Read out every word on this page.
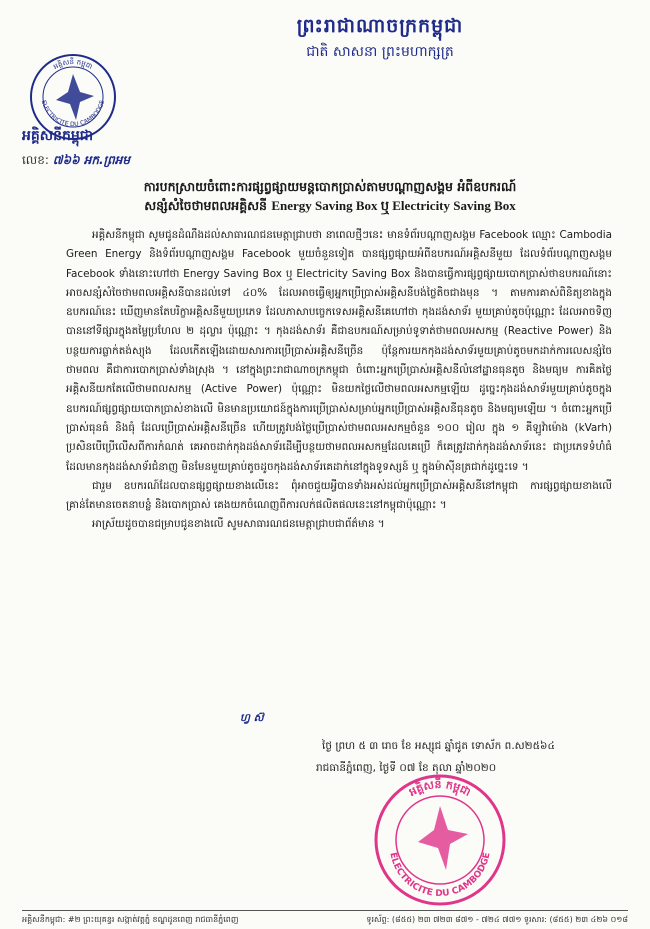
ព្រះរាជាណាចក្រកម្ពុជា
ជាតិ សាសនា ព្រះមហាក្សត្រ
អគ្គិសនី កម្ពុជា
ELECTRICITE DU CAMBODGE
អគ្គិសនីកម្ពុជា
លេខ: ៧៦៦ អក.ព្រអម
ការបកស្រាយចំពោះការផ្សព្វផ្សាយមន្តបោកប្រាស់តាមបណ្តាញសង្គម អំពីឧបករណ៍
សន្សំសំចៃថាមពលអគ្គិសនី Energy Saving Box ឬ Electricity Saving Box

អគ្គិសនីកម្ពុជា សូមជូនដំណឹងដល់សាធារណជនមេត្តាជ្រាបថា នាពេលថ្មីៗនេះ មានទំព័របណ្តាញសង្គម Facebook ឈ្មោះ Cambodia Green Energy និងទំព័របណ្តាញសង្គម Facebook មួយចំនួនទៀត បានផ្សព្វផ្សាយអំពីឧបករណ៍អគ្គិសនីមួយ ដែលទំព័របណ្តាញសង្គម Facebook ទាំងនោះហៅថា Energy Saving Box ឬ Electricity Saving Box និងបានធ្វើការផ្សព្វផ្សាយបោកប្រាស់ថាឧបករណ៍នោះអាចសន្សំសំចៃថាមពលអគ្គិសនីបានដល់ទៅ ៤០% ដែលអាចធ្វើឲ្យអ្នកប្រើប្រាស់អគ្គិសនីបង់ថ្លៃតិចជាងមុន ។ តាមការគាស់ពិនិត្យខាងក្នុងឧបករណ៍នេះ ឃើញមានតែបរិក្ខាអគ្គិសនីមួយប្រភេទ ដែលភាសាបច្ចេកទេសអគ្គិសនីគេហៅថា កុងដង់សាទ័រ មួយគ្រាប់តូចប៉ុណ្ណោះ ដែលអាចទិញបាននៅទីផ្សារក្នុងតម្លៃប្រហែល ២ ដុល្លារ ប៉ុណ្ណោះ ។ កុងដង់សាទ័រ គឺជាឧបករណ៍សម្រាប់ទូទាត់ថាមពលអសកម្ម (Reactive Power) និងបន្ថយការធ្លាក់តង់ស្យុង ដែលកើតឡើងដោយសារការប្រើប្រាស់អគ្គិសនីច្រើន ប៉ុន្តែការយកកុងដង់សាទ័រមួយគ្រាប់តូចមកដាក់ការលេសន្សំចៃថាមពល គឺជាការបោកប្រាស់ទាំងស្រុង ។ នៅក្នុងព្រះរាជាណាចក្រកម្ពុជា ចំពោះអ្នកប្រើប្រាស់អគ្គិសនីលំនៅដ្ឋានធុនតូច និងមធ្យម ការគិតថ្លៃអគ្គិសនីយកតែលើថាមពលសកម្ម (Active Power) ប៉ុណ្ណោះ មិនយកថ្លៃលើថាមពលអសកម្មឡើយ ដូច្នេះកុងដង់សាទ័រមួយគ្រាប់តូចក្នុងឧបករណ៍ផ្សព្វផ្សាយបោកប្រាស់ខាងលើ មិនមានប្រយោជន៍ក្នុងការប្រើប្រាស់សម្រាប់អ្នកប្រើប្រាស់អគ្គិសនីធុនតូច និងមធ្យមឡើយ ។ ចំពោះអ្នកប្រើប្រាស់ធុនធំ និងធុំ ដែលប្រើប្រាស់អគ្គិសនីច្រើន ហើយត្រូវបង់ថ្លៃប្រើប្រាស់ថាមពលអសកម្មចំនួន ១០០ រៀល ក្នុង ១ គីឡូវ៉ាម៉ោង (kVarh) ប្រសិនបើប្រើលើសពីការកំណត់ គេអាចដាក់កុងដង់សាទ័រដើម្បីបន្ថយថាមពលអសកម្មដែលគេប្រើ ក៏គេត្រូវដាក់កុងដង់សាទ័រនេះ ជាប្រភេទទំហំធំដែលមានកុងដង់សាទ័រជំនាញ មិនមែនមួយគ្រាប់តូចដូចកុងដង់សាទ័រគេដាក់នៅក្នុងទូទស្សន៍ ឬ ក្នុងម៉ាស៊ីនត្រជាក់ដូច្នេះទេ ។

ជារួម ឧបករណ៍ដែលបានផ្សព្វផ្សាយខាងលើនេះ ពុំអាចជួយអ្វីបានទាំងអស់ដល់អ្នកប្រើប្រាស់អគ្គិសនីនៅកម្ពុជា ការផ្សព្វផ្សាយខាងលើគ្រាន់តែមានចេតនាបន្លំ និងបោកប្រាស់ គេងយកចំណេញពីការលក់ផលិតផលនេះនៅកម្ពុជាប៉ុណ្ណោះ ។

អាស្រ័យដូចបានជម្រាបជូនខាងលើ សូមសាធារណជនមេត្តាជ្រាបជាព័ត៌មាន ។

ហ្វ ស៊
ថ្ងៃ ព្រហ ៥ ៣ រោច ខែ អស្សុជ ឆ្នាំជូត ទោស័ក ព.ស២៥៦៤
រាជធានីភ្នំពេញ, ថ្ងៃទី ០៧ ខែ តុលា ឆ្នាំ២០២០
អគ្គិសនី កម្ពុជា
ELECTRICITE DU CAMBODGE
អគ្គិសនីកម្ពុជា: #២ ព្រះយុគន្ធរ សង្កាត់វត្តភ្នំ ខណ្ឌដូនពេញ រាជធានីភ្នំពេញ	ទូរស័ព្ទ: (៨៥៥) ២៣ ៧២៣ ៨៧១ - ៧២៤ ៧៧១ ទូរសារ: (៨៥៥) ២៣ ៤២៦ ០១៨
